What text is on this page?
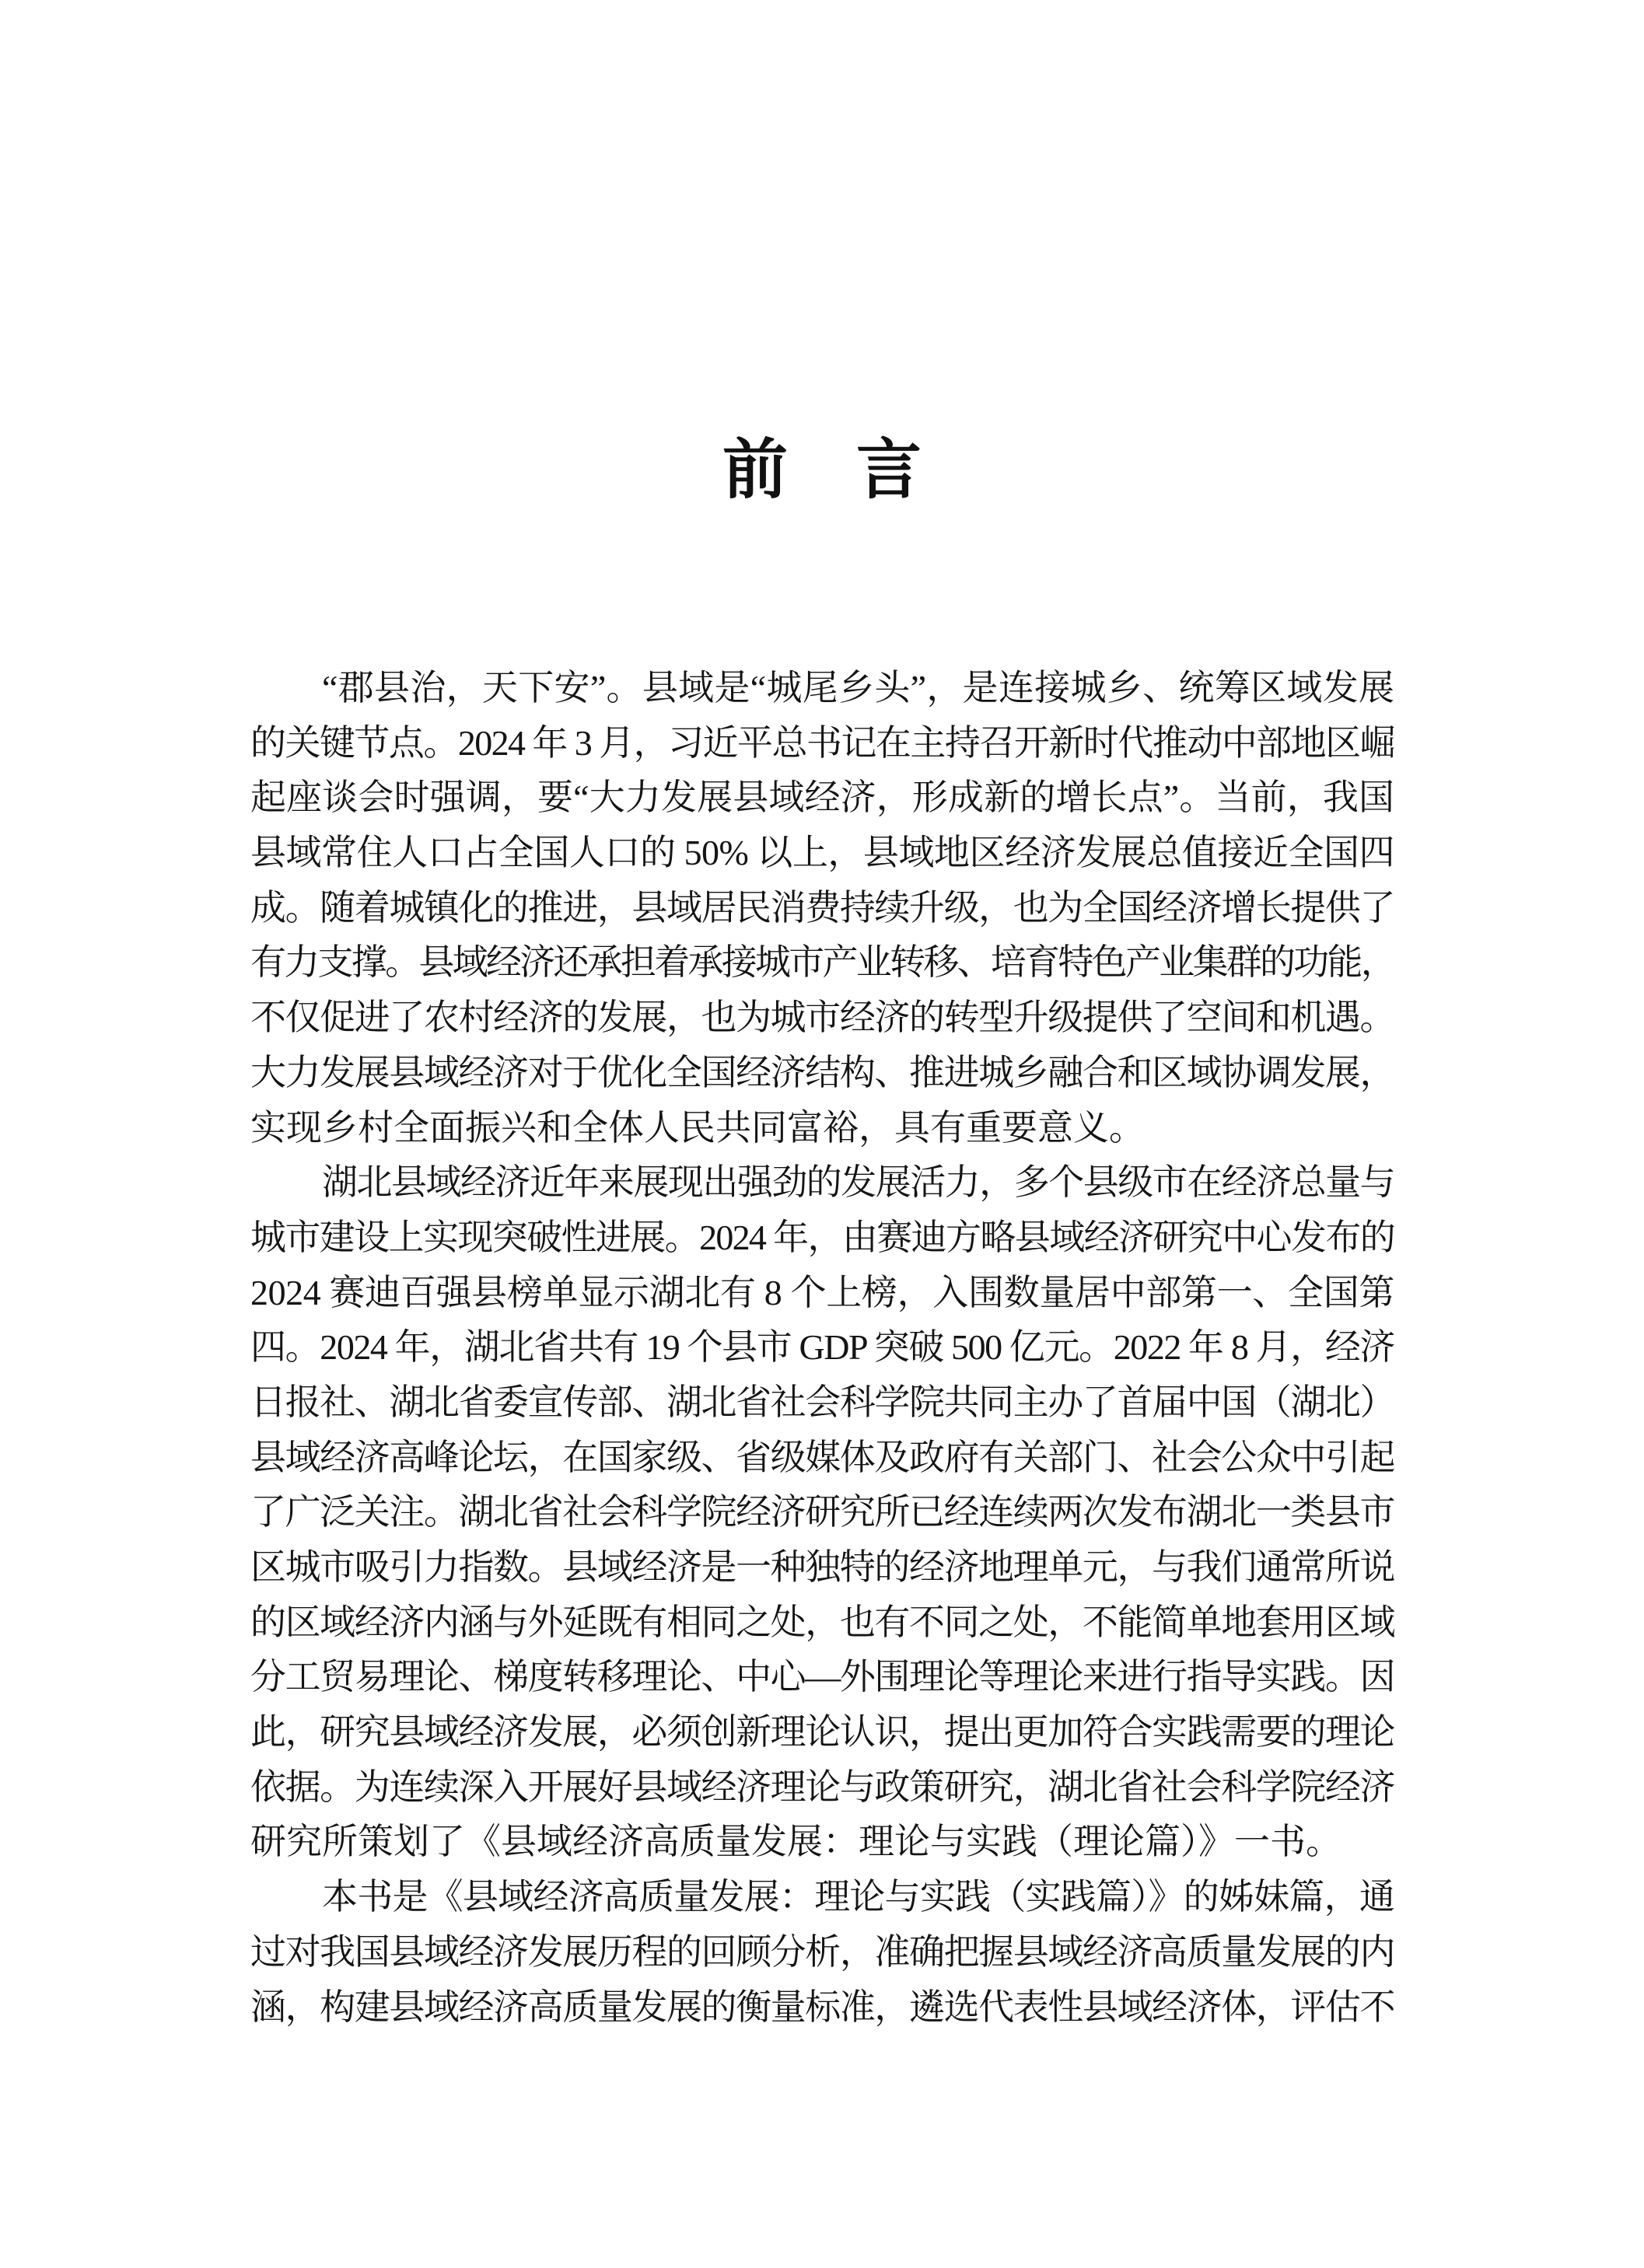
前 言
“郡县治，天下安”。县域是“城尾乡头”，是连接城乡、统筹区域发展
的关键节点。2024 年 3 月，习近平总书记在主持召开新时代推动中部地区崛
起座谈会时强调，要“大力发展县域经济，形成新的增长点”。当前，我国
县域常住人口占全国人口的 50% 以上，县域地区经济发展总值接近全国四
成。随着城镇化的推进，县域居民消费持续升级，也为全国经济增长提供了
有力支撑。县域经济还承担着承接城市产业转移、培育特色产业集群的功能，
不仅促进了农村经济的发展，也为城市经济的转型升级提供了空间和机遇。
大力发展县域经济对于优化全国经济结构、推进城乡融合和区域协调发展，
实现乡村全面振兴和全体人民共同富裕，具有重要意义。
湖北县域经济近年来展现出强劲的发展活力，多个县级市在经济总量与
城市建设上实现突破性进展。2024 年，由赛迪方略县域经济研究中心发布的
2024 赛迪百强县榜单显示湖北有 8 个上榜，入围数量居中部第一、全国第
四。2024 年，湖北省共有 19 个县市 GDP 突破 500 亿元。2022 年 8 月，经济
日报社、湖北省委宣传部、湖北省社会科学院共同主办了首届中国（湖北）
县域经济高峰论坛，在国家级、省级媒体及政府有关部门、社会公众中引起
了广泛关注。湖北省社会科学院经济研究所已经连续两次发布湖北一类县市
区城市吸引力指数。县域经济是一种独特的经济地理单元，与我们通常所说
的区域经济内涵与外延既有相同之处，也有不同之处，不能简单地套用区域
分工贸易理论、梯度转移理论、中心—外围理论等理论来进行指导实践。因
此，研究县域经济发展，必须创新理论认识，提出更加符合实践需要的理论
依据。为连续深入开展好县域经济理论与政策研究，湖北省社会科学院经济
研究所策划了《县域经济高质量发展：理论与实践（理论篇）》一书。
本书是《县域经济高质量发展：理论与实践（实践篇）》的姊妹篇，通
过对我国县域经济发展历程的回顾分析，准确把握县域经济高质量发展的内
涵，构建县域经济高质量发展的衡量标准，遴选代表性县域经济体，评估不
